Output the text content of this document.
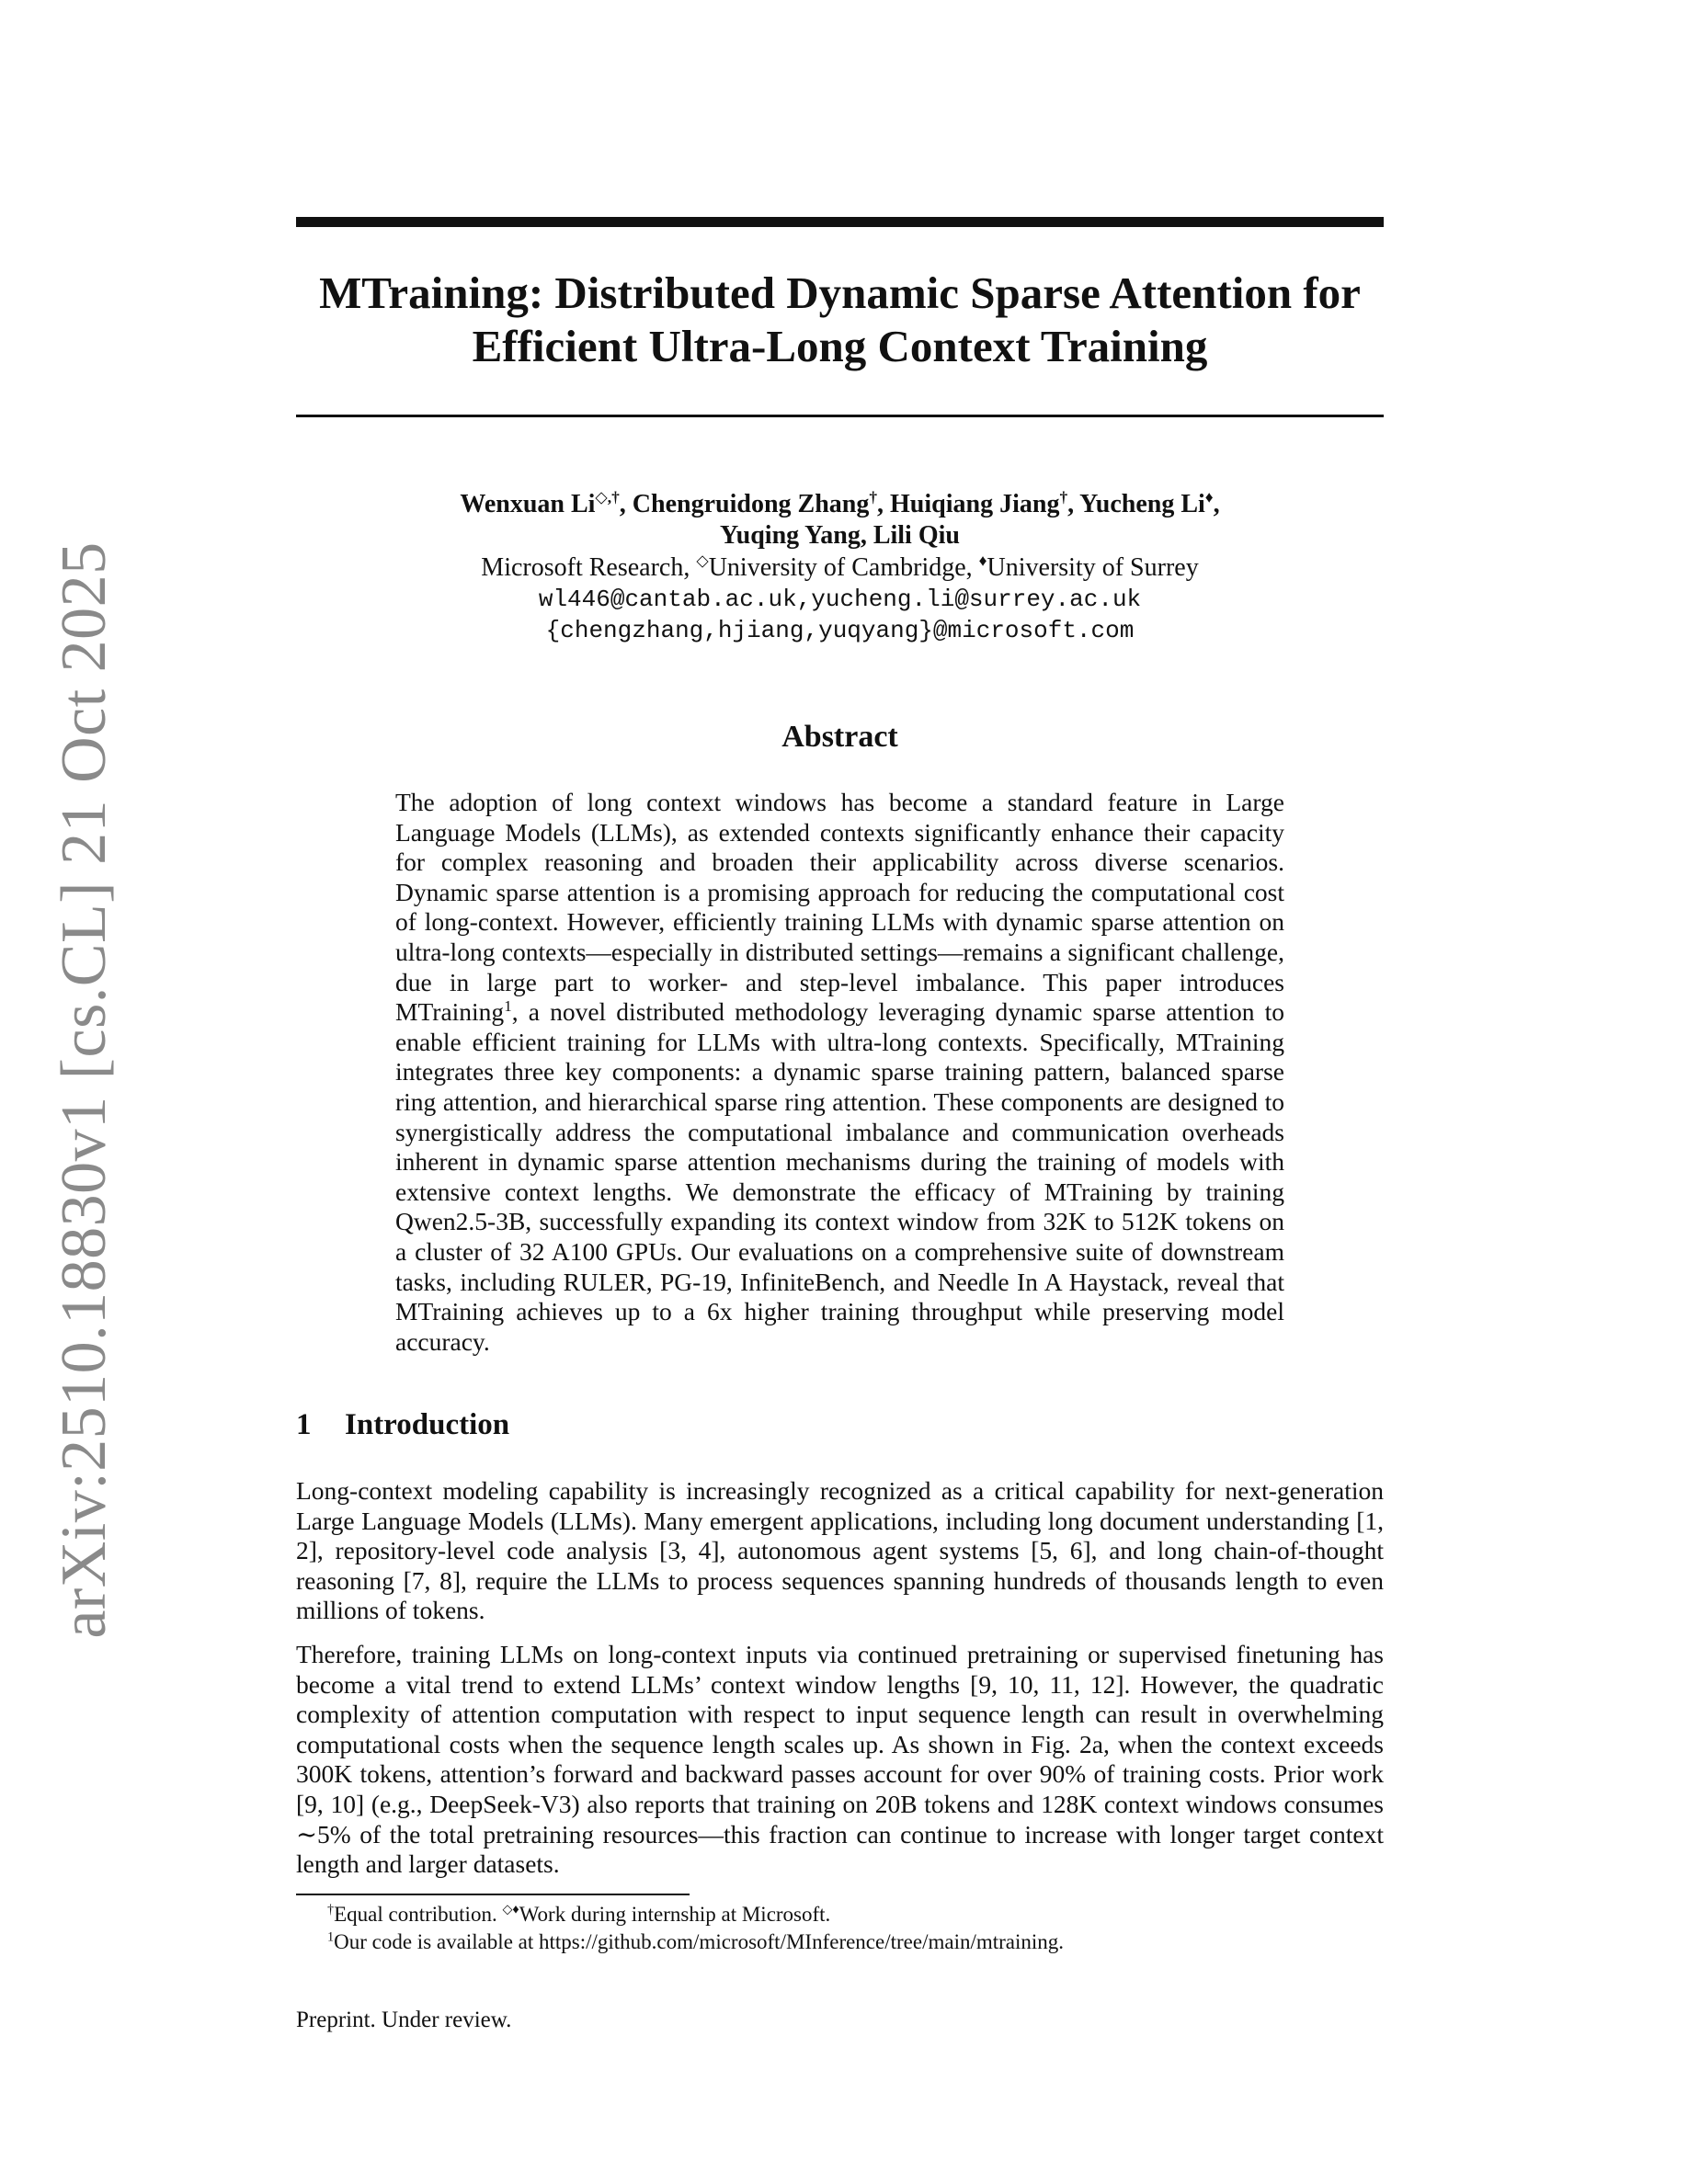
arXiv:2510.18830v1 [cs.CL] 21 Oct 2025
MTraining: Distributed Dynamic Sparse Attention for
Efficient Ultra-Long Context Training
Wenxuan Li◇,†, Chengruidong Zhang†, Huiqiang Jiang†, Yucheng Li♦,
Yuqing Yang, Lili Qiu
Microsoft Research, ◇University of Cambridge, ♦University of Surrey
wl446@cantab.ac.uk,yucheng.li@surrey.ac.uk
{chengzhang,hjiang,yuqyang}@microsoft.com
Abstract
The adoption of long context windows has become a standard feature in Large Language Models (LLMs), as extended contexts significantly enhance their capacity for complex reasoning and broaden their applicability across diverse scenarios. Dynamic sparse attention is a promising approach for reducing the computational cost of long-context. However, efficiently training LLMs with dynamic sparse attention on ultra-long contexts—especially in distributed settings—remains a significant challenge, due in large part to worker- and step-level imbalance. This paper introduces MTraining$^1$, a novel distributed methodology leveraging dynamic sparse attention to enable efficient training for LLMs with ultra-long contexts. Specifically, MTraining integrates three key components: a dynamic sparse training pattern, balanced sparse ring attention, and hierarchical sparse ring attention. These components are designed to synergistically address the computational imbalance and communication overheads inherent in dynamic sparse attention mechanisms during the training of models with extensive context lengths. We demonstrate the efficacy of MTraining by training Qwen2.5-3B, successfully expanding its context window from 32K to 512K tokens on a cluster of 32 A100 GPUs. Our evaluations on a comprehensive suite of downstream tasks, including RULER, PG-19, InfiniteBench, and Needle In A Haystack, reveal that MTraining achieves up to a 6x higher training throughput while preserving model accuracy.
1 Introduction
Long-context modeling capability is increasingly recognized as a critical capability for next-generation Large Language Models (LLMs). Many emergent applications, including long document understanding [1, 2], repository-level code analysis [3, 4], autonomous agent systems [5, 6], and long chain-of-thought reasoning [7, 8], require the LLMs to process sequences spanning hundreds of thousands length to even millions of tokens.
Therefore, training LLMs on long-context inputs via continued pretraining or supervised finetuning has become a vital trend to extend LLMs’ context window lengths [9, 10, 11, 12]. However, the quadratic complexity of attention computation with respect to input sequence length can result in overwhelming computational costs when the sequence length scales up. As shown in Fig. 2a, when the context exceeds 300K tokens, attention’s forward and backward passes account for over 90% of training costs. Prior work [9, 10] (e.g., DeepSeek-V3) also reports that training on 20B tokens and 128K context windows consumes ∼5% of the total pretraining resources—this fraction can continue to increase with longer target context length and larger datasets.
†Equal contribution. ◇♦Work during internship at Microsoft.
$^1$Our code is available at https://github.com/microsoft/MInference/tree/main/mtraining.
Preprint. Under review.
